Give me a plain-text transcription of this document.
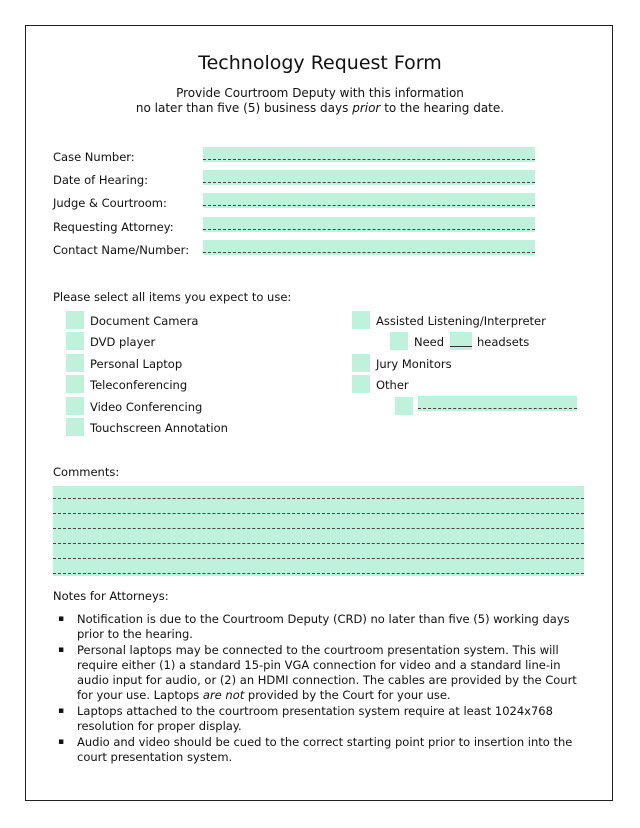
Technology Request Form
Provide Courtroom Deputy with this information
no later than five (5) business days prior to the hearing date.
Case Number:
Date of Hearing:
Judge & Courtroom:
Requesting Attorney:
Contact Name/Number:
Please select all items you expect to use:
Document Camera
DVD player
Personal Laptop
Teleconferencing
Video Conferencing
Touchscreen Annotation
Assisted Listening/Interpreter
Need	headsets
Jury Monitors
Other
Comments:
Notes for Attorneys:
▪ Notification is due to the Courtroom Deputy (CRD) no later than five (5) working days prior to the hearing.
▪ Personal laptops may be connected to the courtroom presentation system. This will require either (1) a standard 15-pin VGA connection for video and a standard line-in audio input for audio, or (2) an HDMI connection. The cables are provided by the Court for your use. Laptops are not provided by the Court for your use.
▪ Laptops attached to the courtroom presentation system require at least 1024x768 resolution for proper display.
▪ Audio and video should be cued to the correct starting point prior to insertion into the court presentation system.
